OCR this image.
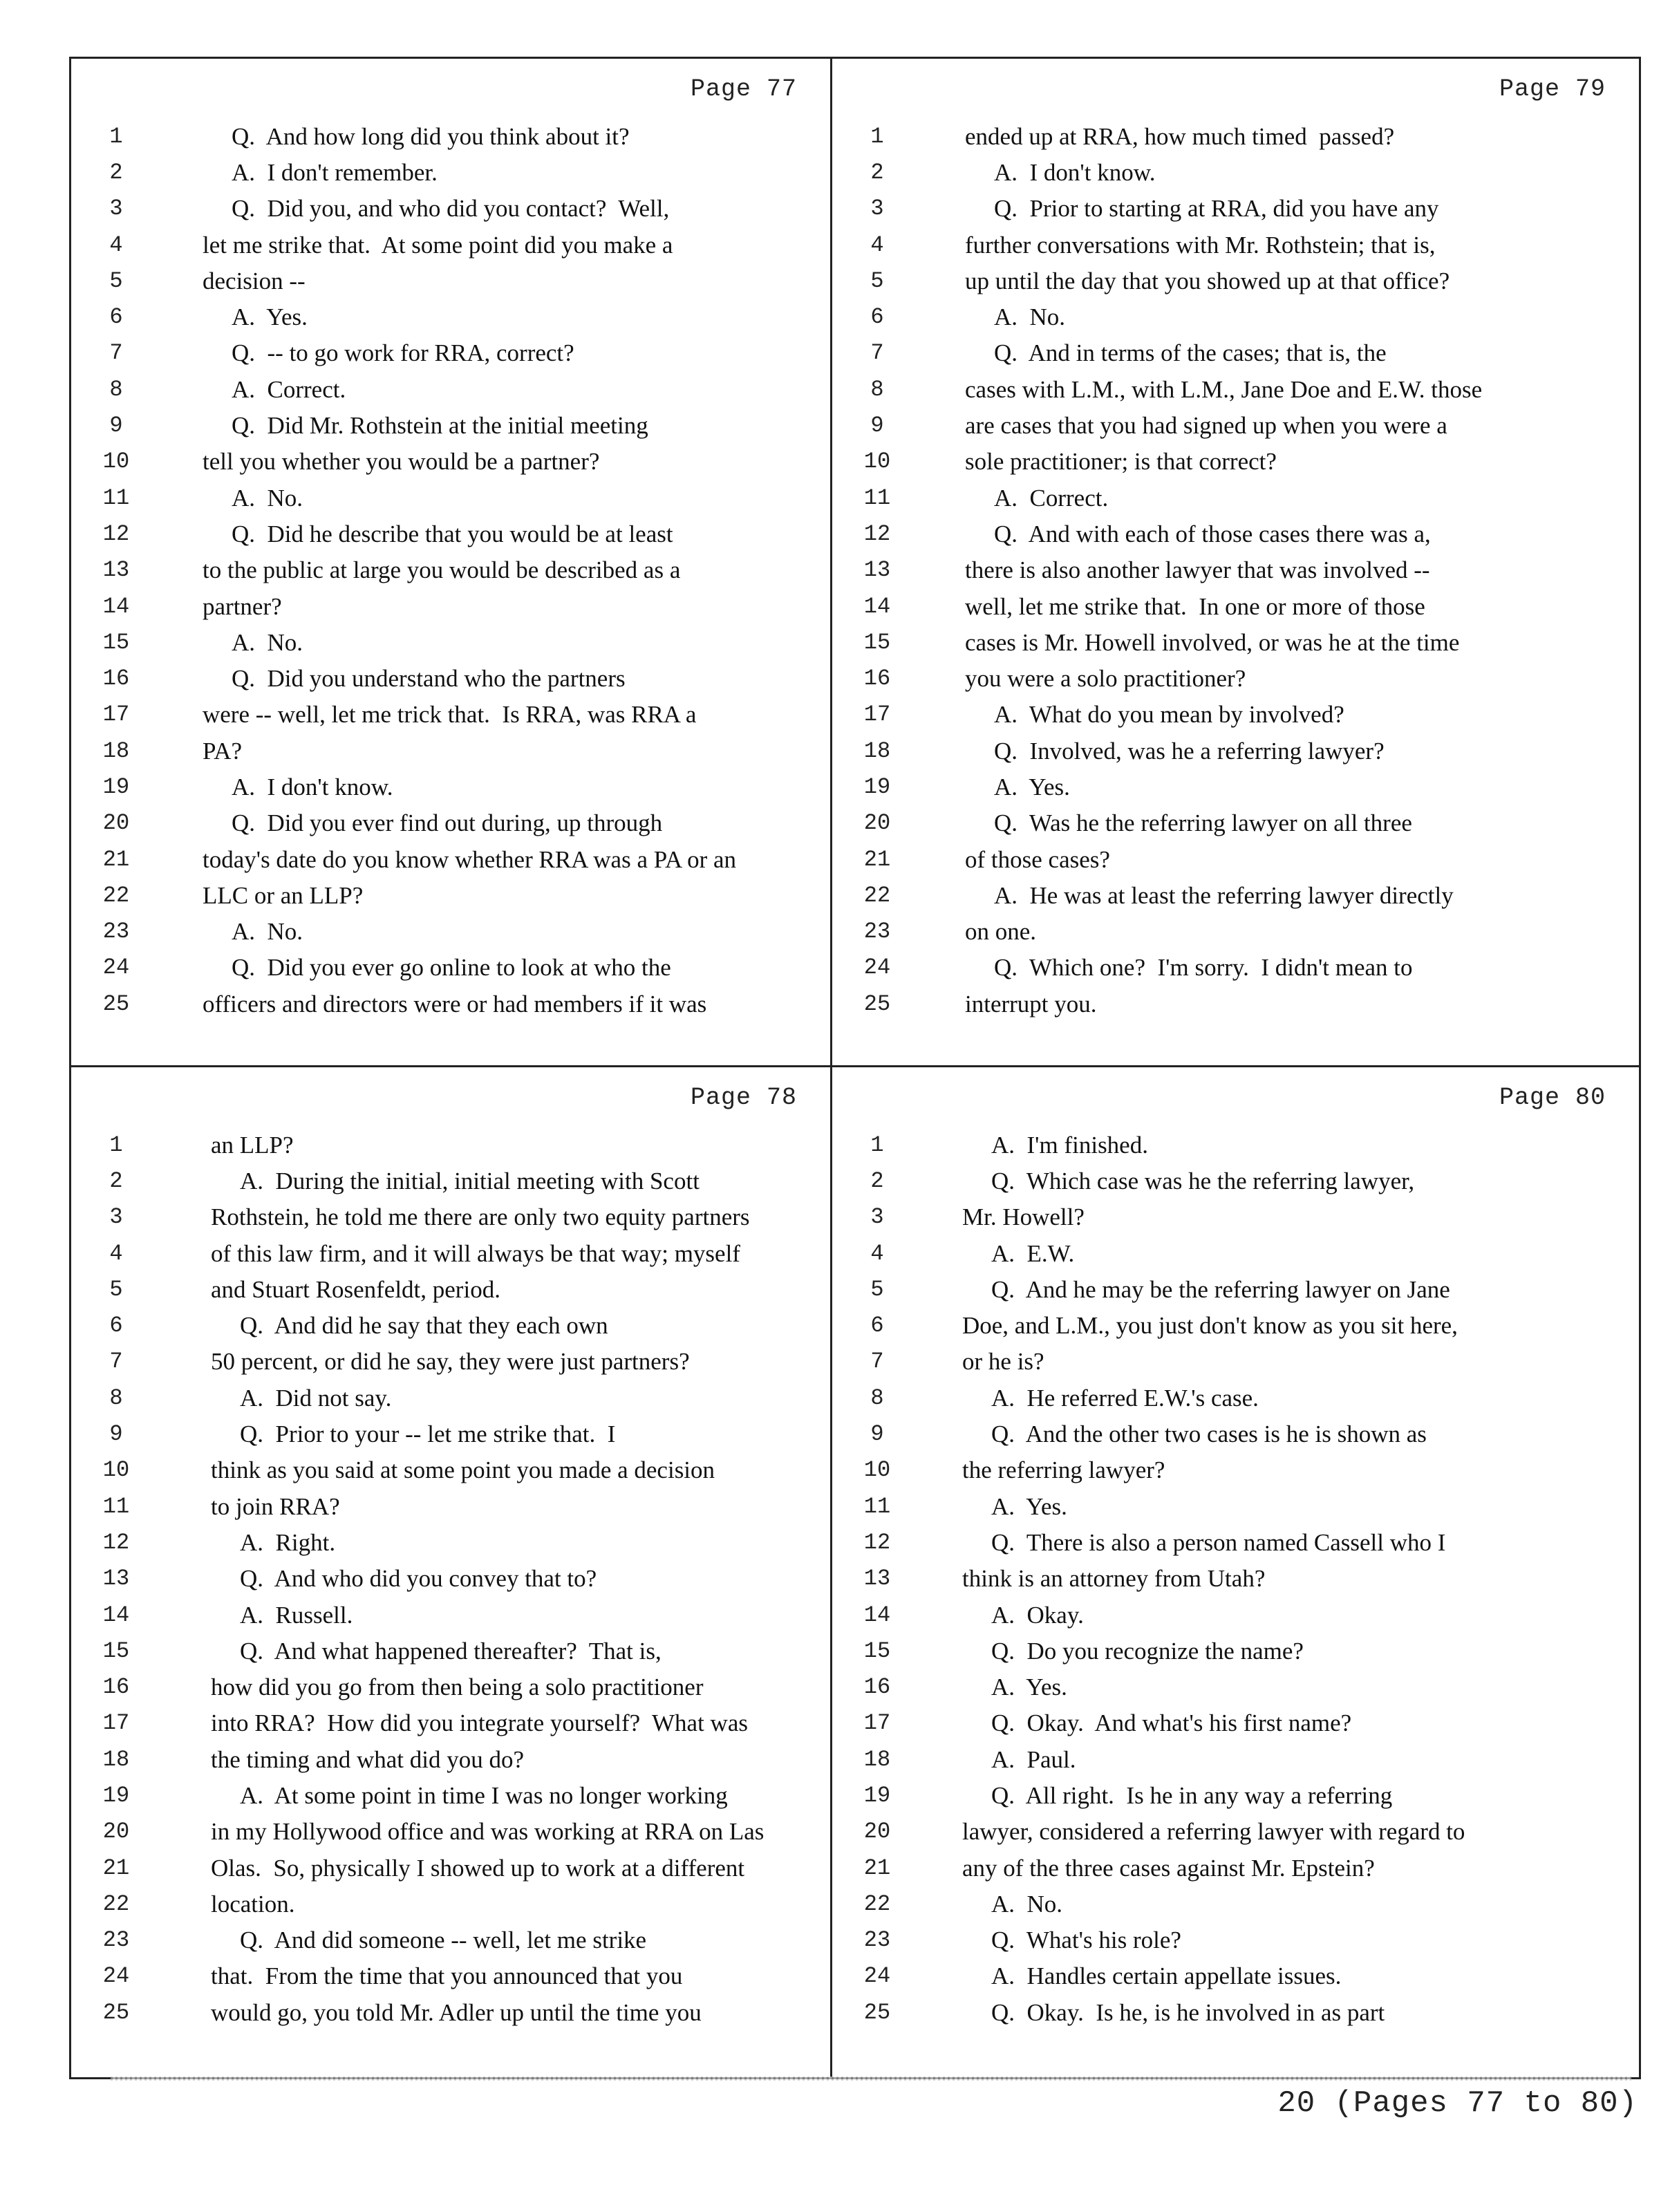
Page 77
1	Q.  And how long did you think about it?
2	A.  I don't remember.
3	Q.  Did you, and who did you contact?  Well,
4	let me strike that.  At some point did you make a
5	decision --
6	A.  Yes.
7	Q.  -- to go work for RRA, correct?
8	A.  Correct.
9	Q.  Did Mr. Rothstein at the initial meeting
10	tell you whether you would be a partner?
11	A.  No.
12	Q.  Did he describe that you would be at least
13	to the public at large you would be described as a
14	partner?
15	A.  No.
16	Q.  Did you understand who the partners
17	were -- well, let me trick that.  Is RRA, was RRA a
18	PA?
19	A.  I don't know.
20	Q.  Did you ever find out during, up through
21	today's date do you know whether RRA was a PA or an
22	LLC or an LLP?
23	A.  No.
24	Q.  Did you ever go online to look at who the
25	officers and directors were or had members if it was
Page 79
1	ended up at RRA, how much timed  passed?
2	A.  I don't know.
3	Q.  Prior to starting at RRA, did you have any
4	further conversations with Mr. Rothstein; that is,
5	up until the day that you showed up at that office?
6	A.  No.
7	Q.  And in terms of the cases; that is, the
8	cases with L.M., with L.M., Jane Doe and E.W. those
9	are cases that you had signed up when you were a
10	sole practitioner; is that correct?
11	A.  Correct.
12	Q.  And with each of those cases there was a,
13	there is also another lawyer that was involved --
14	well, let me strike that.  In one or more of those
15	cases is Mr. Howell involved, or was he at the time
16	you were a solo practitioner?
17	A.  What do you mean by involved?
18	Q.  Involved, was he a referring lawyer?
19	A.  Yes.
20	Q.  Was he the referring lawyer on all three
21	of those cases?
22	A.  He was at least the referring lawyer directly
23	on one.
24	Q.  Which one?  I'm sorry.  I didn't mean to
25	interrupt you.
Page 78
1	an LLP?
2	A.  During the initial, initial meeting with Scott
3	Rothstein, he told me there are only two equity partners
4	of this law firm, and it will always be that way; myself
5	and Stuart Rosenfeldt, period.
6	Q.  And did he say that they each own
7	50 percent, or did he say, they were just partners?
8	A.  Did not say.
9	Q.  Prior to your -- let me strike that.  I
10	think as you said at some point you made a decision
11	to join RRA?
12	A.  Right.
13	Q.  And who did you convey that to?
14	A.  Russell.
15	Q.  And what happened thereafter?  That is,
16	how did you go from then being a solo practitioner
17	into RRA?  How did you integrate yourself?  What was
18	the timing and what did you do?
19	A.  At some point in time I was no longer working
20	in my Hollywood office and was working at RRA on Las
21	Olas.  So, physically I showed up to work at a different
22	location.
23	Q.  And did someone -- well, let me strike
24	that.  From the time that you announced that you
25	would go, you told Mr. Adler up until the time you
Page 80
1	A.  I'm finished.
2	Q.  Which case was he the referring lawyer,
3	Mr. Howell?
4	A.  E.W.
5	Q.  And he may be the referring lawyer on Jane
6	Doe, and L.M., you just don't know as you sit here,
7	or he is?
8	A.  He referred E.W.'s case.
9	Q.  And the other two cases is he is shown as
10	the referring lawyer?
11	A.  Yes.
12	Q.  There is also a person named Cassell who I
13	think is an attorney from Utah?
14	A.  Okay.
15	Q.  Do you recognize the name?
16	A.  Yes.
17	Q.  Okay.  And what's his first name?
18	A.  Paul.
19	Q.  All right.  Is he in any way a referring
20	lawyer, considered a referring lawyer with regard to
21	any of the three cases against Mr. Epstein?
22	A.  No.
23	Q.  What's his role?
24	A.  Handles certain appellate issues.
25	Q.  Okay.  Is he, is he involved in as part
20 (Pages 77 to 80)
